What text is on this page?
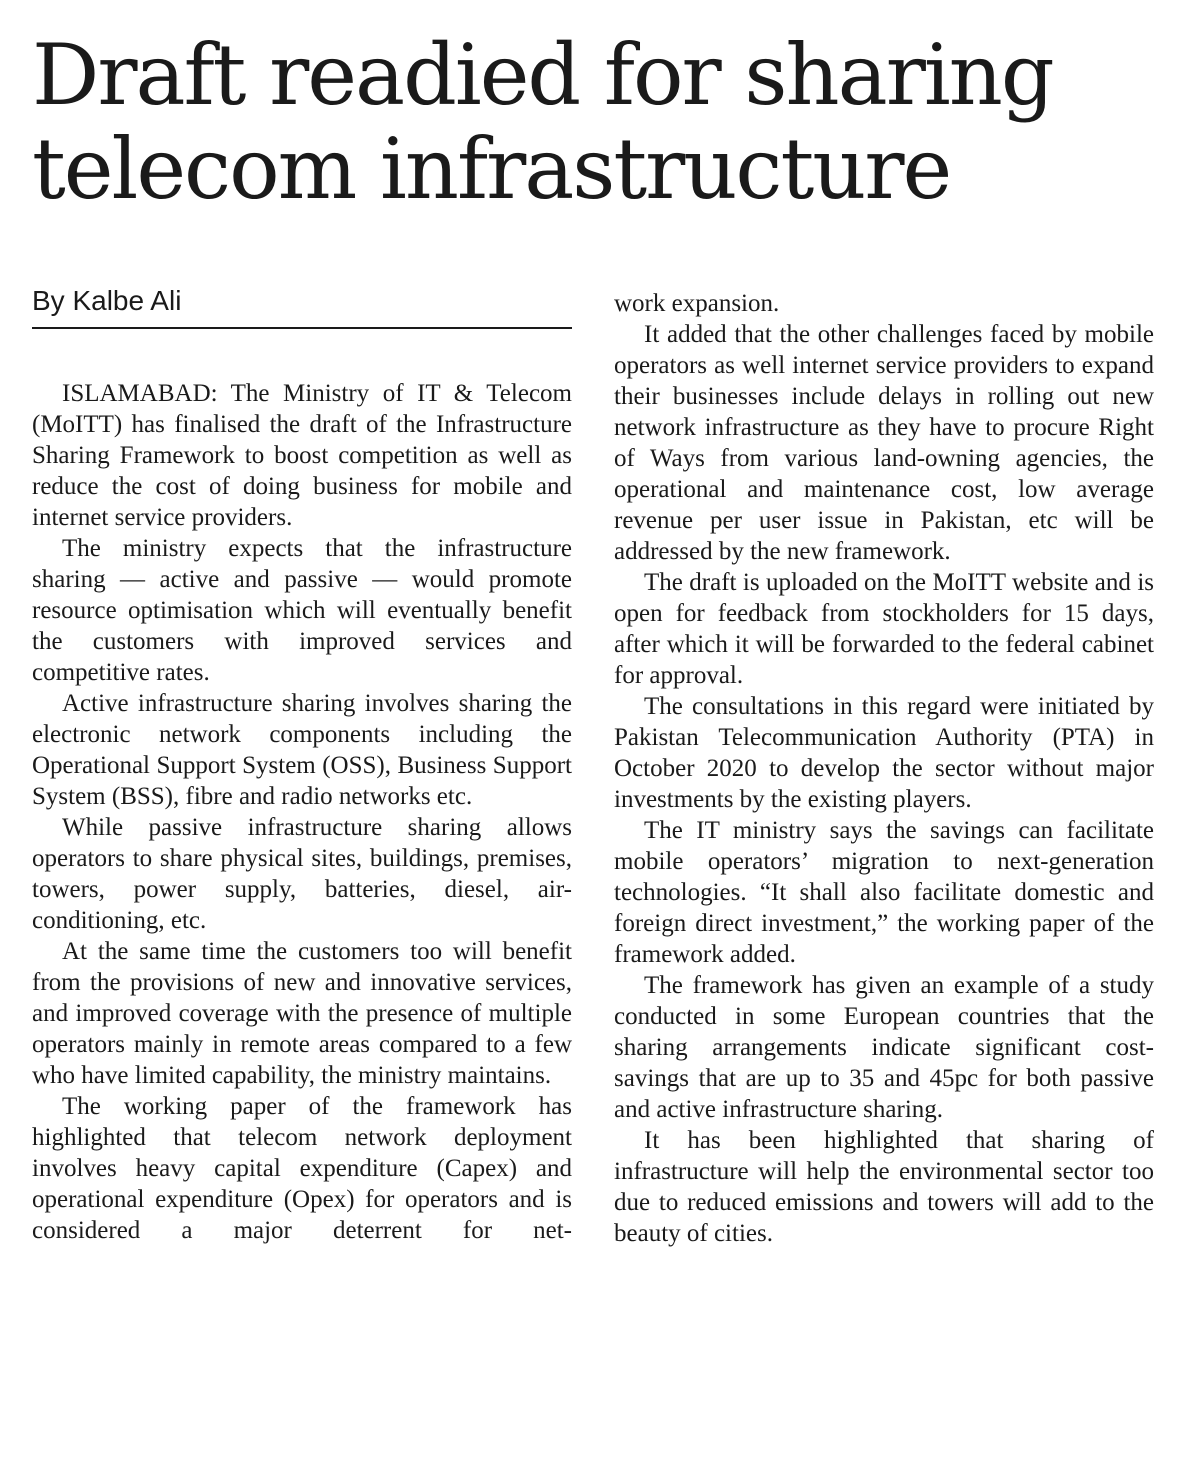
Draft readied for sharing
telecom infrastructure
By Kalbe Ali

ISLAMABAD: The Ministry of IT & Telecom (MoITT) has finalised the draft of the Infrastructure Sharing Framework to boost competition as well as reduce the cost of doing business for mobile and internet service providers.

The ministry expects that the infrastructure sharing — active and passive — would promote resource optimisation which will eventually benefit the customers with improved services and competitive rates.

Active infrastructure sharing involves sharing the electronic network components including the Operational Support System (OSS), Business Support System (BSS), fibre and radio networks etc.

While passive infrastructure sharing allows operators to share physical sites, buildings, premises, towers, power supply, batteries, diesel, air-conditioning, etc.

At the same time the customers too will benefit from the provisions of new and innovative services, and improved coverage with the presence of multiple operators mainly in remote areas compared to a few who have limited capability, the ministry maintains.

The working paper of the framework has highlighted that telecom network deployment involves heavy capital expenditure (Capex) and operational expenditure (Opex) for operators and is considered a major deterrent for net-

work expansion.

It added that the other challenges faced by mobile operators as well internet service providers to expand their businesses include delays in rolling out new network infrastructure as they have to procure Right of Ways from various land-owning agencies, the operational and maintenance cost, low average revenue per user issue in Pakistan, etc will be addressed by the new framework.

The draft is uploaded on the MoITT website and is open for feedback from stockholders for 15 days, after which it will be forwarded to the federal cabinet for approval.

The consultations in this regard were initiated by Pakistan Telecommunication Authority (PTA) in October 2020 to develop the sector without major investments by the existing players.

The IT ministry says the savings can facilitate mobile operators’ migration to next-generation technologies. “It shall also facilitate domestic and foreign direct investment,” the working paper of the framework added.

The framework has given an example of a study conducted in some European countries that the sharing arrangements indicate significant cost-savings that are up to 35 and 45pc for both passive and active infrastructure sharing.

It has been highlighted that sharing of infrastructure will help the environmental sector too due to reduced emissions and towers will add to the beauty of cities.
